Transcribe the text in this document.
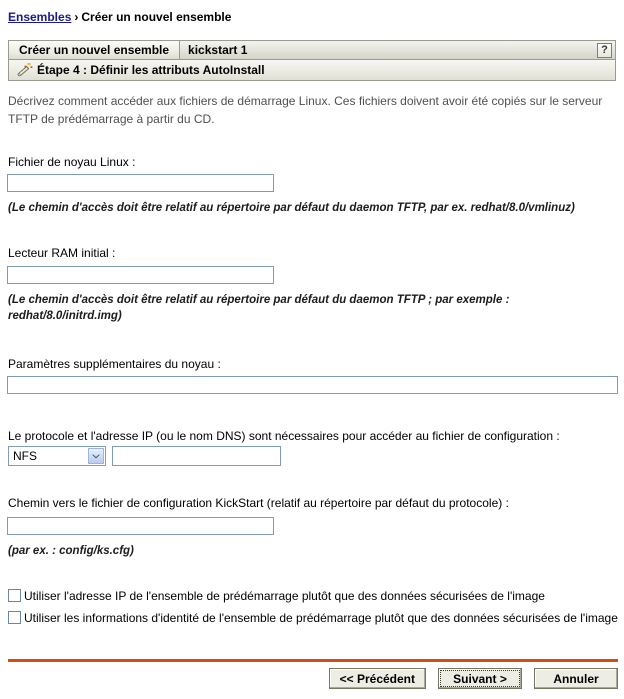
Ensembles › Créer un nouvel ensemble
Créer un nouvel ensemble	kickstart 1	?
Étape 4 : Définir les attributs AutoInstall
Décrivez comment accéder aux fichiers de démarrage Linux. Ces fichiers doivent avoir été copiés sur le serveur TFTP de prédémarrage à partir du CD.
Fichier de noyau Linux :
(Le chemin d'accès doit être relatif au répertoire par défaut du daemon TFTP, par ex. redhat/8.0/vmlinuz)
Lecteur RAM initial :
(Le chemin d'accès doit être relatif au répertoire par défaut du daemon TFTP ; par exemple : redhat/8.0/initrd.img)
Paramètres supplémentaires du noyau :
Le protocole et l'adresse IP (ou le nom DNS) sont nécessaires pour accéder au fichier de configuration :
NFS
Chemin vers le fichier de configuration KickStart (relatif au répertoire par défaut du protocole) :
(par ex. : config/ks.cfg)
Utiliser l'adresse IP de l'ensemble de prédémarrage plutôt que des données sécurisées de l'image
Utiliser les informations d'identité de l'ensemble de prédémarrage plutôt que des données sécurisées de l'image
<< Précédent	Suivant >	Annuler
